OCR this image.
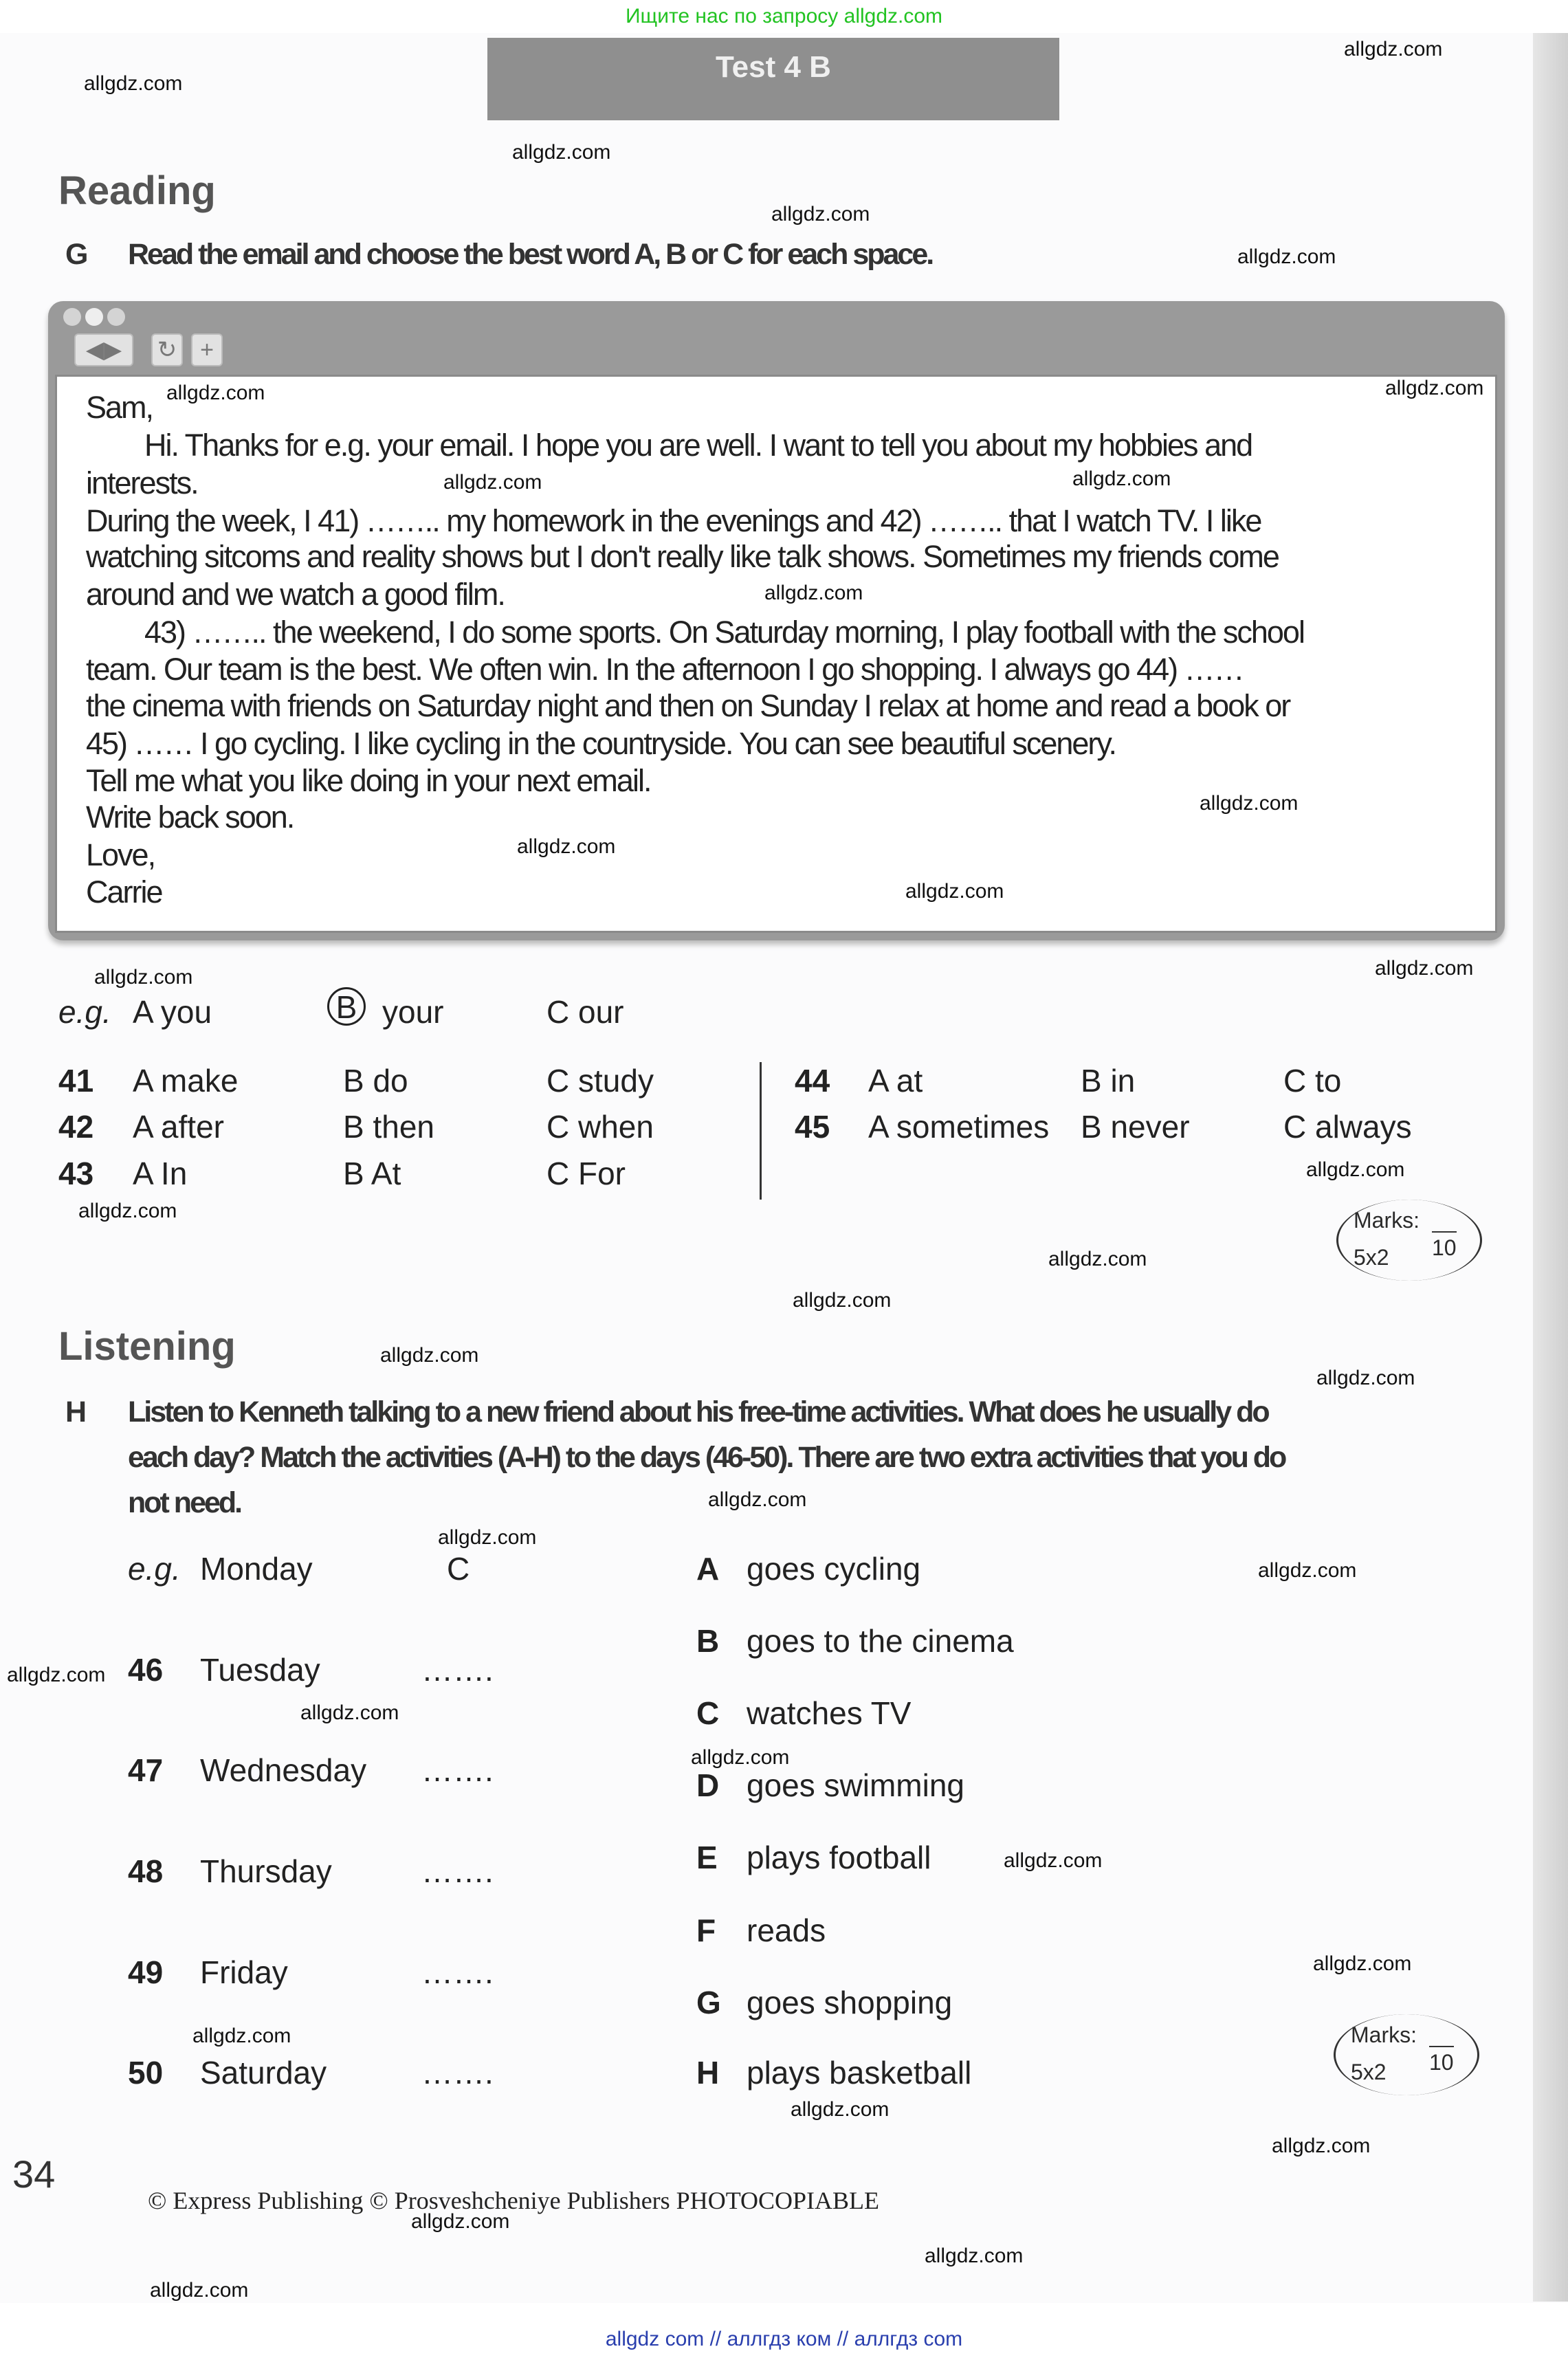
Ищите нас по запросу allgdz.com
Test 4 B
Reading
G Read the email and choose the best word A, B or C for each space.
◀▶	↻ +
Sam,
Hi. Thanks for e.g. your email. I hope you are well. I want to tell you about my hobbies and
interests.
During the week, I 41) …….. my homework in the evenings and 42) …….. that I watch TV. I like
watching sitcoms and reality shows but I don't really like talk shows. Sometimes my friends come
around and we watch a good film.
43) …….. the weekend, I do some sports. On Saturday morning, I play football with the school
team. Our team is the best. We often win. In the afternoon I go shopping. I always go 44) ……
the cinema with friends on Saturday night and then on Sunday I relax at home and read a book or
45) …… I go cycling. I like cycling in the countryside. You can see beautiful scenery.
Tell me what you like doing in your next email.
Write back soon.
Love,
Carrie
e.g. A you	B your	C our
41 A make	B do	C study
42 A after	B then	C when
43 A In	B At	C For
44 A at	B in	C to
45 A sometimes B never	C always
Marks:
5x2 10
Listening
H Listen to Kenneth talking to a new friend about his free-time activities. What does he usually do
each day? Match the activities (A-H) to the days (46-50). There are two extra activities that you do
not need.
e.g. Monday	C
46 Tuesday	…….
47 Wednesday …….
48 Thursday	…….
49 Friday	…….
50 Saturday	…….
A goes cycling
B goes to the cinema
C watches TV
D goes swimming
E plays football
F reads
G goes shopping
H plays basketball
Marks:
5x2 10
34
© Express Publishing © Prosveshcheniye Publishers PHOTOCOPIABLE
allgdz com // аллгдз ком // аллгдз com
allgdz.com
allgdz.com
allgdz.com
allgdz.com
allgdz.com
allgdz.com	allgdz.com
allgdz.com	allgdz.com
allgdz.com
allgdz.com
allgdz.com
allgdz.com
allgdz.com
allgdz.com
allgdz.com
allgdz.com
allgdz.com
allgdz.com
allgdz.com
allgdz.com
allgdz.com
allgdz.com
allgdz.com
allgdz.com
allgdz.com
allgdz.com
allgdz.com
allgdz.com
allgdz.com
allgdz.com
allgdz.com
allgdz.com
allgdz.com
allgdz.com
